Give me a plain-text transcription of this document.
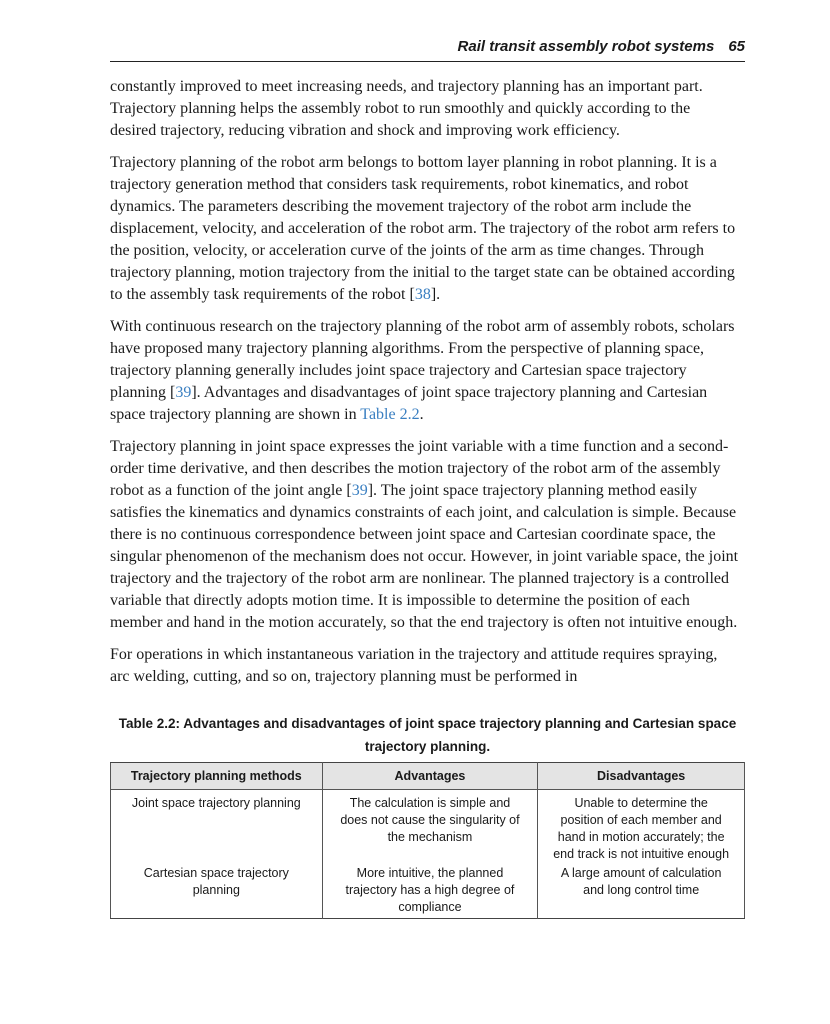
Rail transit assembly robot systems 65

constantly improved to meet increasing needs, and trajectory planning has an important part. Trajectory planning helps the assembly robot to run smoothly and quickly according to the desired trajectory, reducing vibration and shock and improving work efficiency.

Trajectory planning of the robot arm belongs to bottom layer planning in robot planning. It is a trajectory generation method that considers task requirements, robot kinematics, and robot dynamics. The parameters describing the movement trajectory of the robot arm include the displacement, velocity, and acceleration of the robot arm. The trajectory of the robot arm refers to the position, velocity, or acceleration curve of the joints of the arm as time changes. Through trajectory planning, motion trajectory from the initial to the target state can be obtained according to the assembly task requirements of the robot [38].

With continuous research on the trajectory planning of the robot arm of assembly robots, scholars have proposed many trajectory planning algorithms. From the perspective of planning space, trajectory planning generally includes joint space trajectory and Cartesian space trajectory planning [39]. Advantages and disadvantages of joint space trajectory planning and Cartesian space trajectory planning are shown in Table 2.2.

Trajectory planning in joint space expresses the joint variable with a time function and a second-order time derivative, and then describes the motion trajectory of the robot arm of the assembly robot as a function of the joint angle [39]. The joint space trajectory planning method easily satisfies the kinematics and dynamics constraints of each joint, and calculation is simple. Because there is no continuous correspondence between joint space and Cartesian coordinate space, the singular phenomenon of the mechanism does not occur. However, in joint variable space, the joint trajectory and the trajectory of the robot arm are nonlinear. The planned trajectory is a controlled variable that directly adopts motion time. It is impossible to determine the position of each member and hand in the motion accurately, so that the end trajectory is often not intuitive enough.

For operations in which instantaneous variation in the trajectory and attitude requires spraying, arc welding, cutting, and so on, trajectory planning must be performed in

Table 2.2: Advantages and disadvantages of joint space trajectory planning and Cartesian space trajectory planning.
Trajectory planning methods	Advantages	Disadvantages
Joint space trajectory planning	The calculation is simple and does not cause the singularity of the mechanism	Unable to determine the position of each member and hand in motion accurately; the end track is not intuitive enough
Cartesian space trajectory planning	More intuitive, the planned trajectory has a high degree of compliance	A large amount of calculation and long control time
